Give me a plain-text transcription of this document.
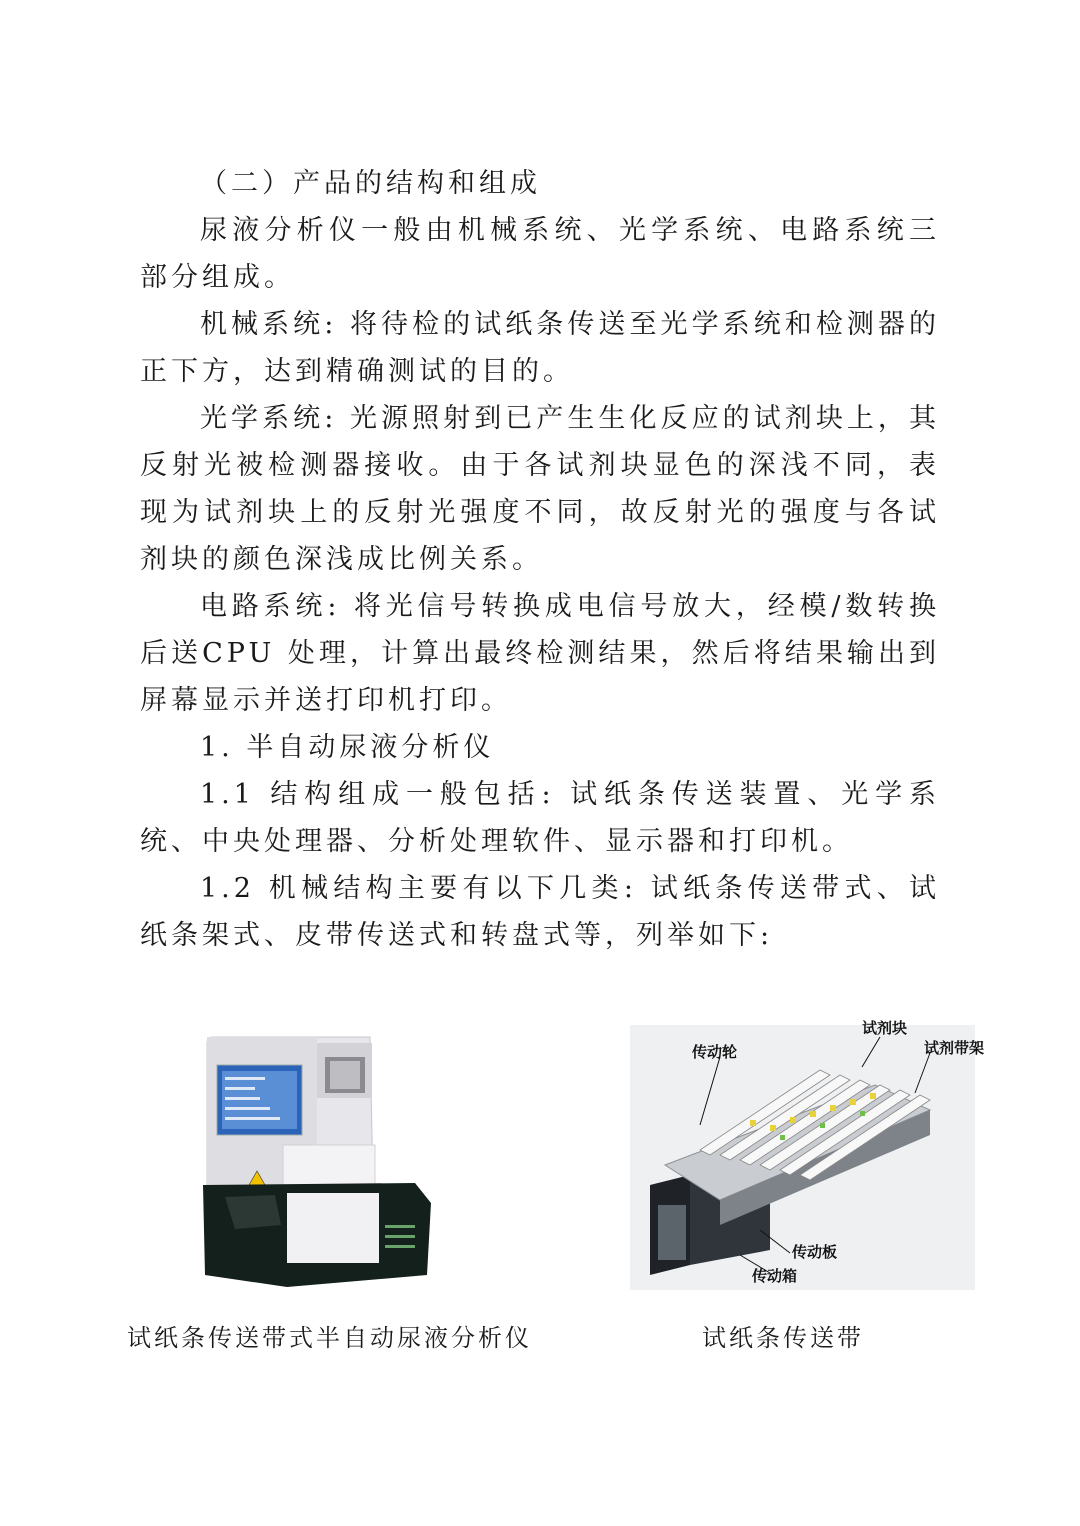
（二）产品的结构和组成

尿液分析仪一般由机械系统、光学系统、电路系统三部分组成。

机械系统: 将待检的试纸条传送至光学系统和检测器的正下方，达到精确测试的目的。

光学系统: 光源照射到已产生生化反应的试剂块上，其反射光被检测器接收。由于各试剂块显色的深浅不同，表现为试剂块上的反射光强度不同，故反射光的强度与各试剂块的颜色深浅成比例关系。

电路系统: 将光信号转换成电信号放大，经模/数转换后送CPU 处理，计算出最终检测结果，然后将结果输出到屏幕显示并送打印机打印。

1. 半自动尿液分析仪

1.1 结构组成一般包括: 试纸条传送装置、光学系统、中央处理器、分析处理软件、显示器和打印机。

1.2 机械结构主要有以下几类: 试纸条传送带式、试纸条架式、皮带传送式和转盘式等，列举如下:

试剂块
试剂带架
传动轮
传动板
传动箱
试纸条传送带式半自动尿液分析仪	试纸条传送带
